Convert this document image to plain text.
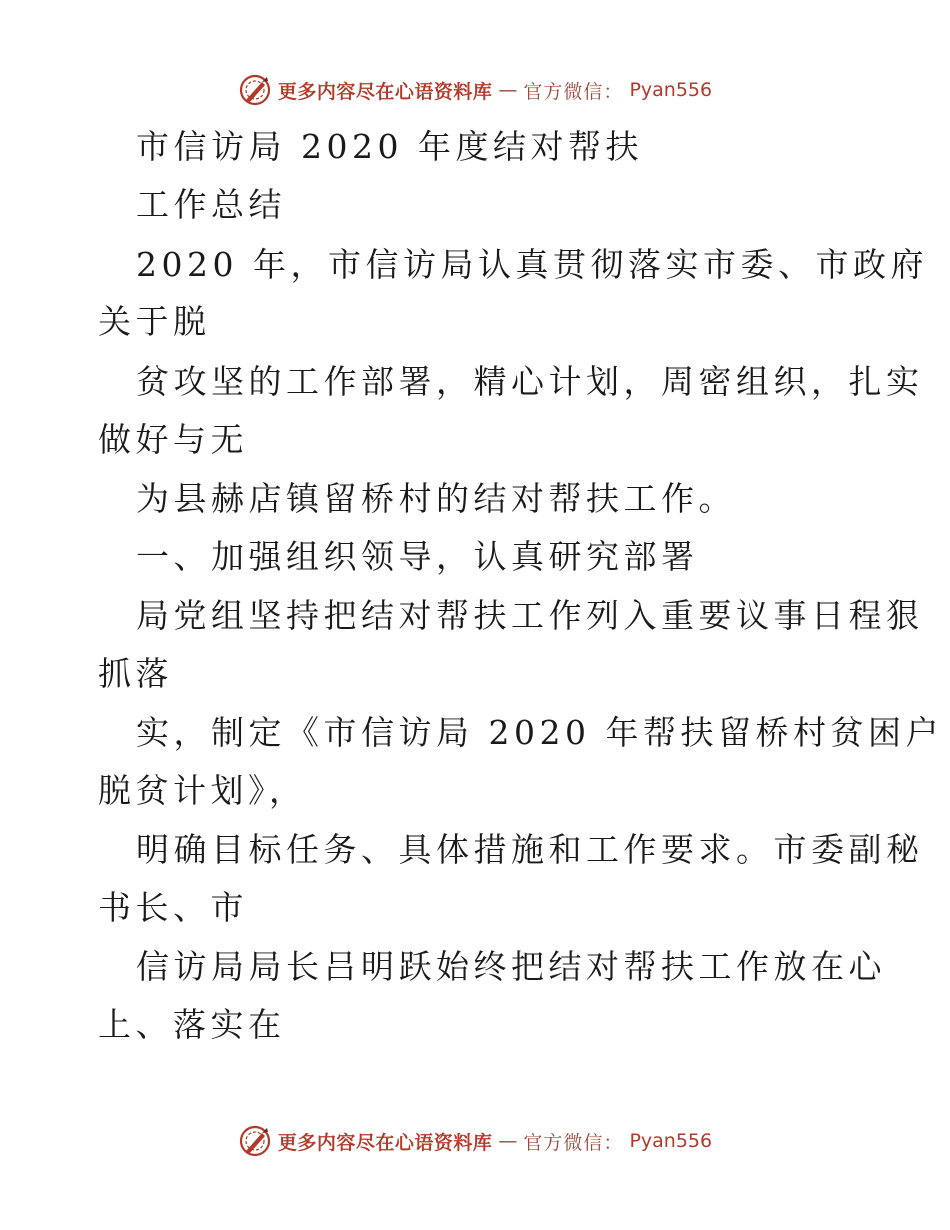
更多内容尽在心语资料库 — 官方微信： Pyan556
市信访局 2020 年度结对帮扶
工作总结
2020 年，市信访局认真贯彻落实市委、市政府
关于脱
贫攻坚的工作部署，精心计划，周密组织，扎实
做好与无
为县赫店镇留桥村的结对帮扶工作。
一、加强组织领导，认真研究部署
局党组坚持把结对帮扶工作列入重要议事日程狠
抓落
实，制定《市信访局 2020 年帮扶留桥村贫困户
脱贫计划》，
明确目标任务、具体措施和工作要求。市委副秘
书长、市
信访局局长吕明跃始终把结对帮扶工作放在心
上、落实在
更多内容尽在心语资料库 — 官方微信： Pyan556
